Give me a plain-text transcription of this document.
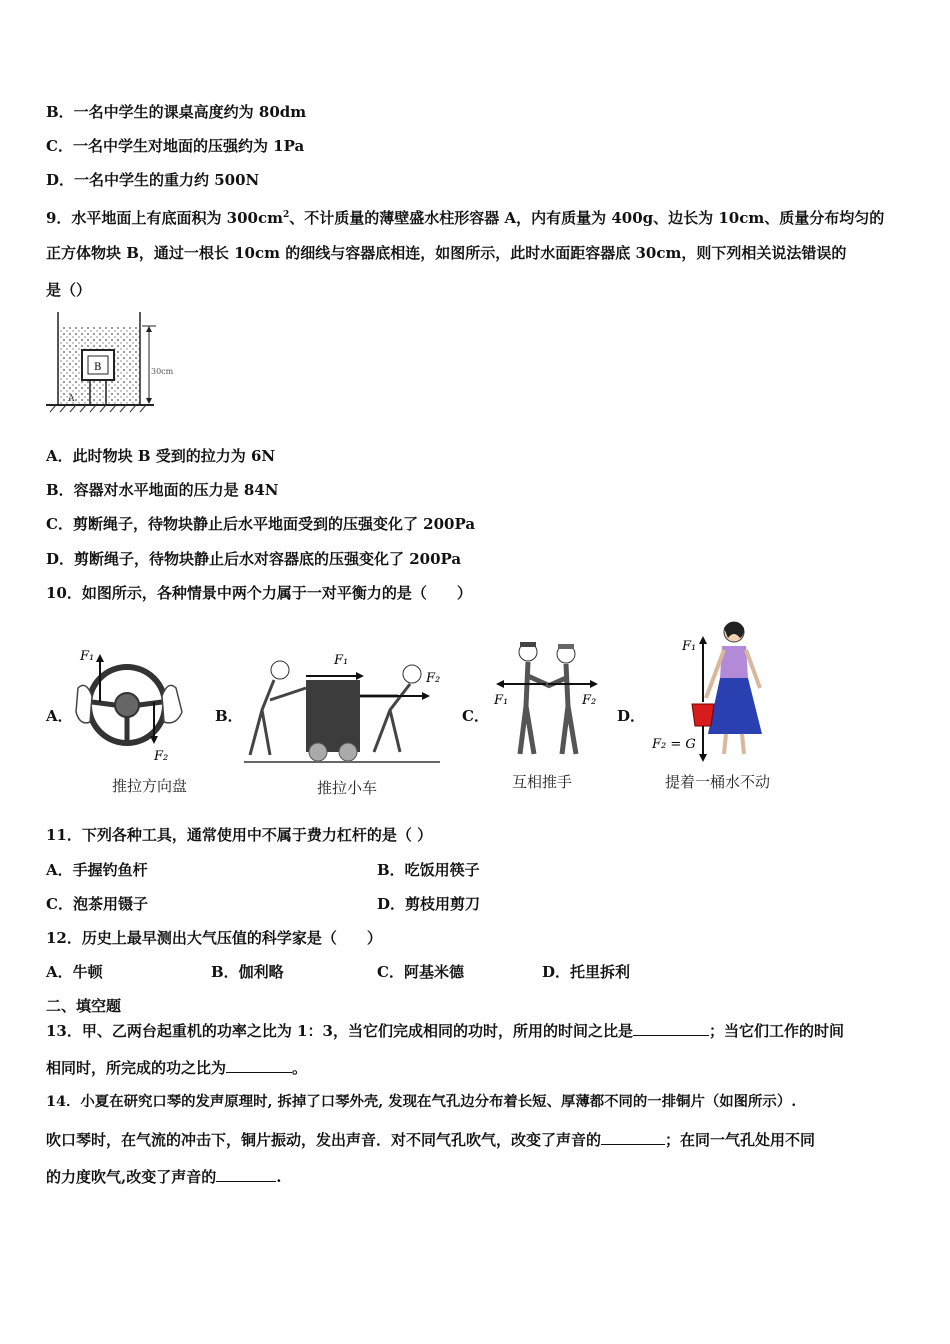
B．一名中学生的课桌高度约为 80dm
C．一名中学生对地面的压强约为 1Pa
D．一名中学生的重力约 500N
9．水平地面上有底面积为 $300cm^2$、不计质量的薄壁盛水柱形容器 A，内有质量为 400g、边长为 10cm、质量分布均匀的
正方体物块 B，通过一根长 10cm 的细线与容器底相连，如图所示，此时水面距容器底 30cm，则下列相关说法错误的
是（）
B	30cm
A
A．此时物块 B 受到的拉力为 6N
B．容器对水平地面的压力是 84N
C．剪断绳子，待物块静止后水平地面受到的压强变化了 200Pa
D．剪断绳子，待物块静止后水对容器底的压强变化了 200Pa
10．如图所示，各种情景中两个力属于一对平衡力的是（　　）
A．
F₁
F₂
推拉方向盘
B．
F₁
F₂
推拉小车
C．
F₁	F₂
互相推手
D．
F₁
F₂ = G
提着一桶水不动
11．下列各种工具，通常使用中不属于费力杠杆的是（ ）
A．手握钓鱼杆	B．吃饭用筷子
C．泡茶用镊子	D．剪枝用剪刀
12．历史上最早测出大气压值的科学家是（　　）
A．牛顿	B．伽利略	C．阿基米德	D．托里拆利
二、填空题
13．甲、乙两台起重机的功率之比为 1：3，当它们完成相同的功时，所用的时间之比是	；当它们工作的时间
相同时，所完成的功之比为	。
14．小夏在研究口琴的发声原理时, 拆掉了口琴外壳, 发现在气孔边分布着长短、厚薄都不同的一排铜片（如图所示）.
吹口琴时，在气流的冲击下，铜片振动，发出声音．对不同气孔吹气，改变了声音的	；在同一气孔处用不同
的力度吹气,改变了声音的	.
